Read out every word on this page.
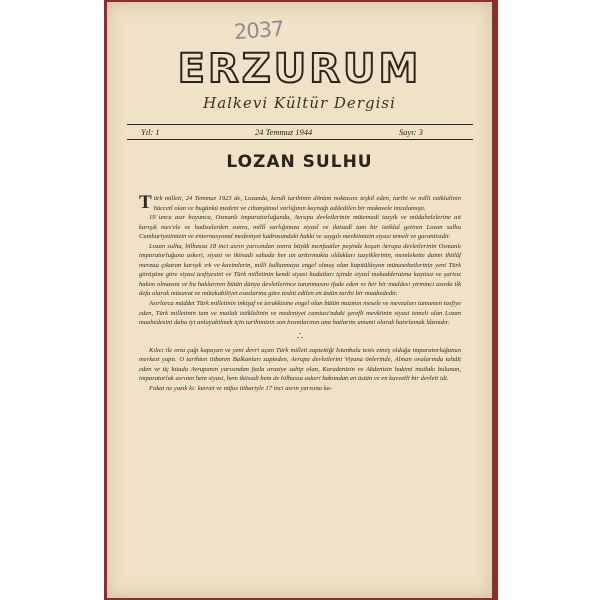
2037
ERZURUM
Halkevi Kültür Dergisi
Yıl: 1	24 Temmuz 1944	Sayı: 3
LOZAN SULHU

Türk milleti, 24 Temmuz 1923 de, Lozanda, kendi tarihinin dönüm noktasını teşkil eden, tarihi ve milli istiklalinin hüccetî olan ve bugünkü medeni ve cihanşümul varlığının kaynağı addedilen bir mukavele imzalamıştı.

19 uncu asır boyunca, Osmanlı imparatorluğunda, Avrupa devletlerinin mütemadi tazyik ve müdahelelerine ait karışık mes'ele ve hadiselerden sonra, millî varlığımıza siyasî ve iktisadî tam bir istiklal getiren Lozan sulhu Cumhuriyetimizin ve enternasyonal medeniyet kadrosundaki hakkı ve saygılı mevkiimizin siyasi temeli ve garantisidir.

Lozan sulhu, bilhassa 18 inci asrın yarısından sonra büyük menfaatler peşinde koşan Avrupa devletlerinin Osmanlı imparatorluğuna askeri, siyasi ve iktisadi sahada her an arttırmakta oldukları tazyiklerinin, memlekette daimi ihtilâf mevzuu çıkaran karışık ırk ve kavimlerin, milli kalkınmaya engel olmuş olan kapitülâsyon münasebetlerinin yeni Türk görüşüne göre siyasi tesfiyesini ve Türk milletinin kendi siyasi hudutları içinde siyasî mukadderatına kayıtsız ve şartsız hakim olmasını ve bu haklarının bütün dünya devletlerince tanınmasını ifade eden ve her bir maddesi yirminci asırda ilk defa olarak müsavat ve mütekabiliyet esaslarına göre tesbit edilen en üstün tarihi bir muahededir.

Asırlarca müddet Türk milletinin inkişaf ve terakkisine engel olan bütün mazmın mesele ve mevzuları tamamen tasfiye eden, Türk milletinin tam ve mutlak istiklalinin ve medeniyet camiası'ndaki şerefli mevkiinin siyasi temeli olan Lozan muahedesini daha iyi anlayabilmek için tarihimizin son hısımlarının ana hatlarını umumi olarak hatırlamak lâzımdır.

∴

Kılıcı ile orta çağı kapayan ve yeni devri açan Türk milleti zaptettiği İstanbulu tesis etmiş olduğu imparatorluğunun merkezi yaptı. O tarihten itibaren Balkanları zapteden, Avrupa devletlerini Viyana önlerinde, Alman ovalarında tahdit eden ve üç kıtada Avrupanın yarısından fazla araziye sahip olan, Karadenizin ve Akdenizin hakimi mutlakı bulunan, imparatorluk asrının hem siyasi, hem iktisadi hem de bilhassa askeri bakımdan en üstün ve en kuvvetli bir devleti idi.

Fakat ne yazık ki: kuvvet ve nüfus itibariyle 17 inci asrın yarısına ka-
